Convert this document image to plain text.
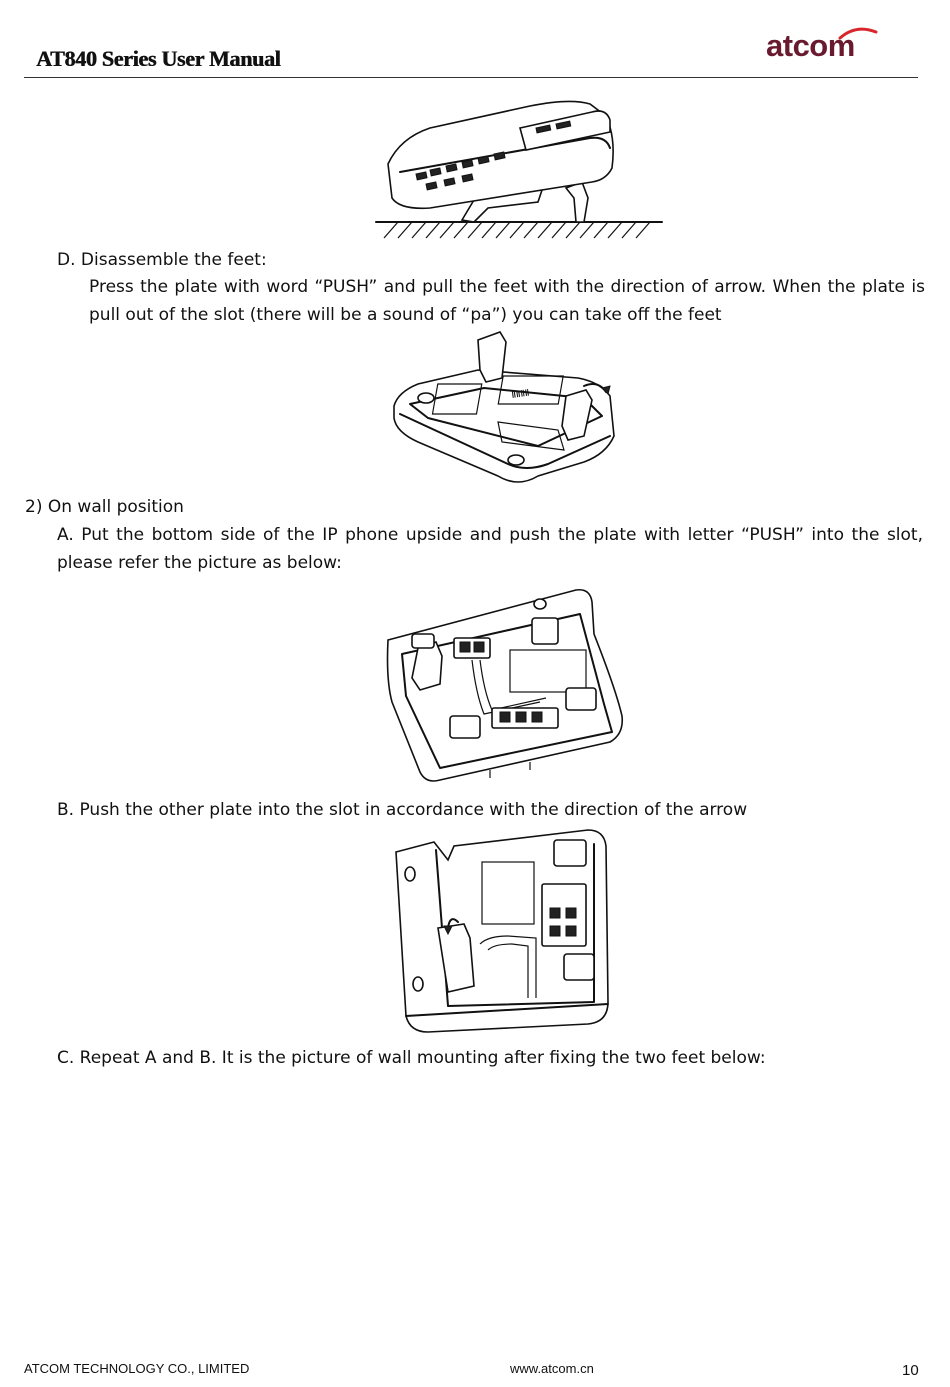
AT840 Series User Manual	atcom
D. Disassemble the feet:
Press the plate with word “PUSH” and pull the feet with the direction of arrow. When the plate is pull out of the slot (there will be a sound of “pa”) you can take off the feet
ǁǁǁǁ
2) On wall position
A. Put the bottom side of the IP phone upside and push the plate with letter “PUSH” into the slot, please refer the picture as below:
B. Push the other plate into the slot in accordance with the direction of the arrow
C. Repeat A and B. It is the picture of wall mounting after fixing the two feet below:
ATCOM TECHNOLOGY CO., LIMITED	www.atcom.cn	10
